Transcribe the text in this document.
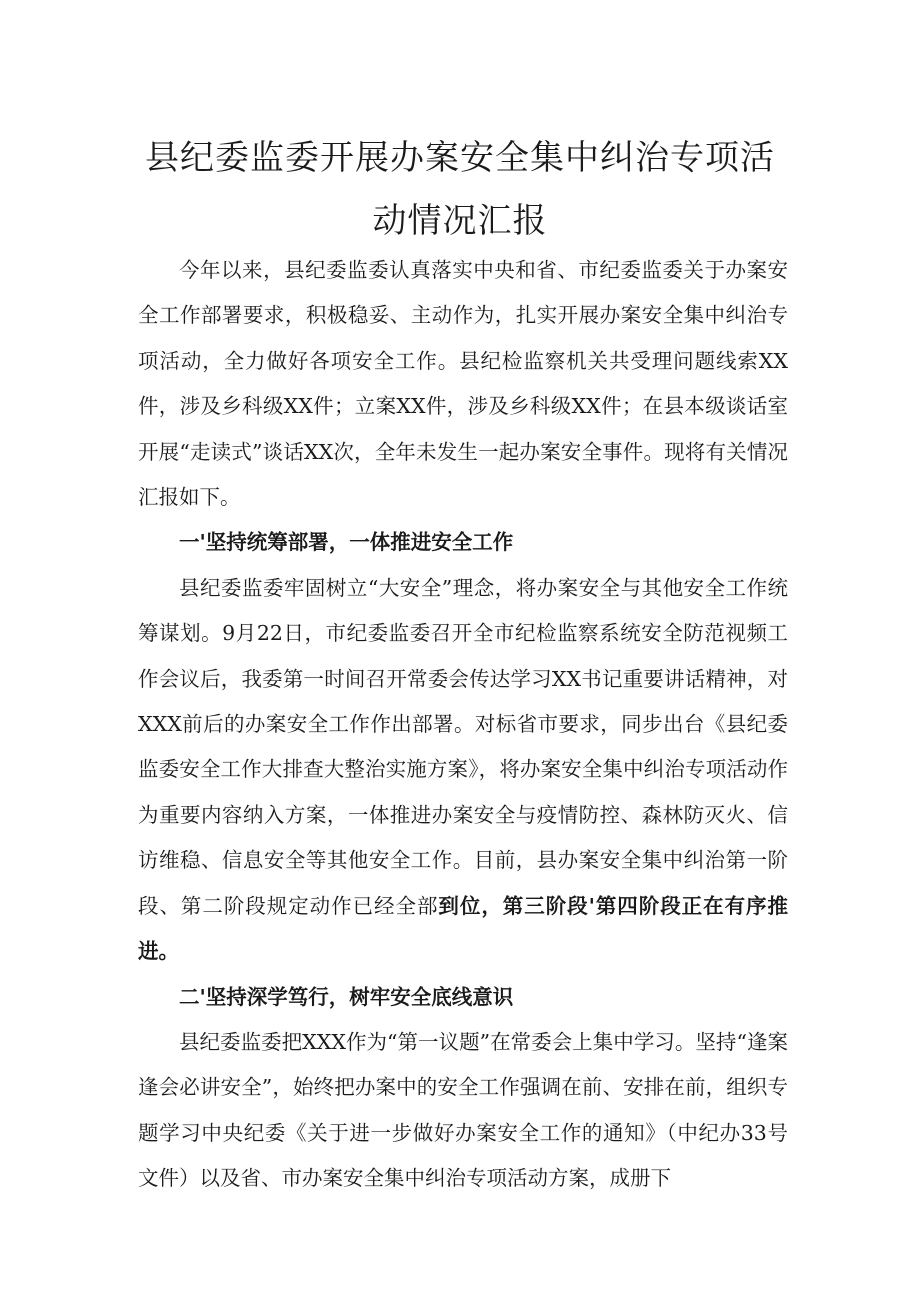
县纪委监委开展办案安全集中纠治专项活
动情况汇报

今年以来，县纪委监委认真落实中央和省、市纪委监委关于办案安全工作部署要求，积极稳妥、主动作为，扎实开展办案安全集中纠治专项活动，全力做好各项安全工作。县纪检监察机关共受理问题线索XX件，涉及乡科级XX件；立案XX件，涉及乡科级XX件；在县本级谈话室开展“走读式”谈话XX次，全年未发生一起办案安全事件。现将有关情况汇报如下。

一'坚持统筹部署，一体推进安全工作

县纪委监委牢固树立“大安全”理念，将办案安全与其他安全工作统筹谋划。9月22日，市纪委监委召开全市纪检监察系统安全防范视频工作会议后，我委第一时间召开常委会传达学习XX书记重要讲话精神，对XXX前后的办案安全工作作出部署。对标省市要求，同步出台《县纪委监委安全工作大排查大整治实施方案》，将办案安全集中纠治专项活动作为重要内容纳入方案，一体推进办案安全与疫情防控、森林防灭火、信访维稳、信息安全等其他安全工作。目前，县办案安全集中纠治第一阶段、第二阶段规定动作已经全部到位，第三阶段'第四阶段正在有序推进。

二'坚持深学笃行，树牢安全底线意识

县纪委监委把XXX作为“第一议题”在常委会上集中学习。坚持“逢案逢会必讲安全”，始终把办案中的安全工作强调在前、安排在前，组织专题学习中央纪委《关于进一步做好办案安全工作的通知》（中纪办33号文件）以及省、市办案安全集中纠治专项活动方案，成册下
